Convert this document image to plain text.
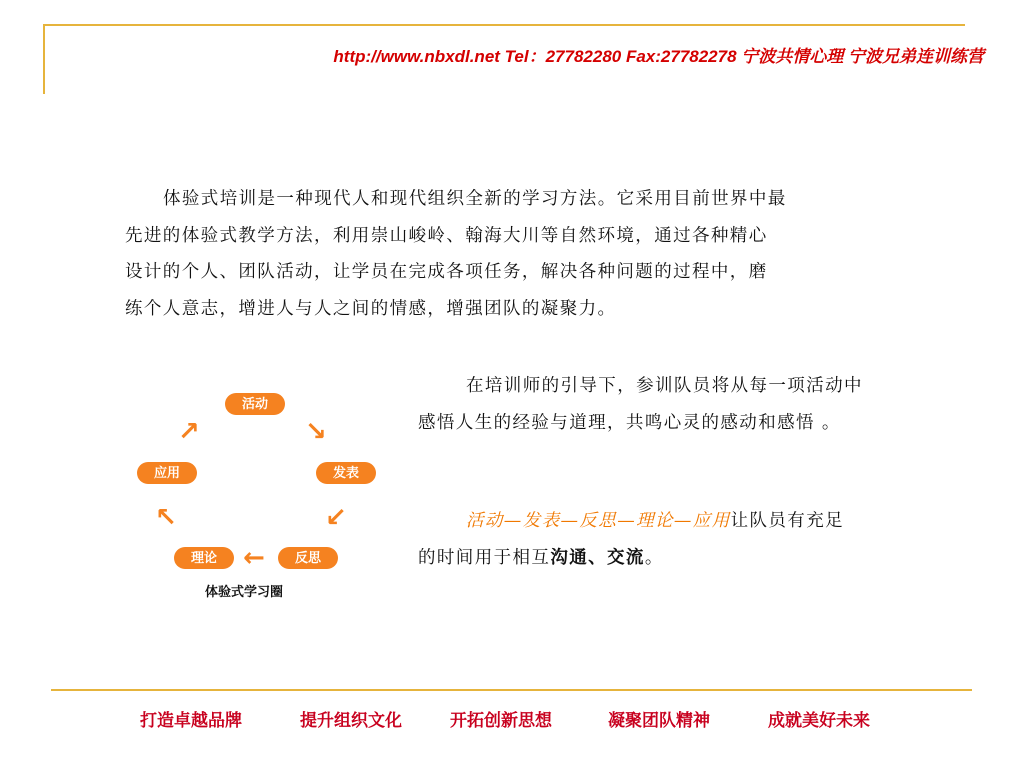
http://www.nbxdl.net Tel：27782280 Fax:27782278 宁波共情心理 宁波兄弟连训练营
体验式培训是一种现代人和现代组织全新的学习方法。它采用目前世界中最
先进的体验式教学方法，利用崇山峻岭、翰海大川等自然环境，通过各种精心
设计的个人、团队活动，让学员在完成各项任务，解决各种问题的过程中，磨
练个人意志，增进人与人之间的情感，增强团队的凝聚力。
在培训师的引导下，参训队员将从每一项活动中
感悟人生的经验与道理，共鸣心灵的感动和感悟 。
活动—发表—反思—理论—应用让队员有充足
的时间用于相互沟通、交流。
活动
发表
反思
理论
应用
↘
↙
←
↖
↗
体验式学习圈
打造卓越品牌	提升组织文化	开拓创新思想	凝聚团队精神	成就美好未来
